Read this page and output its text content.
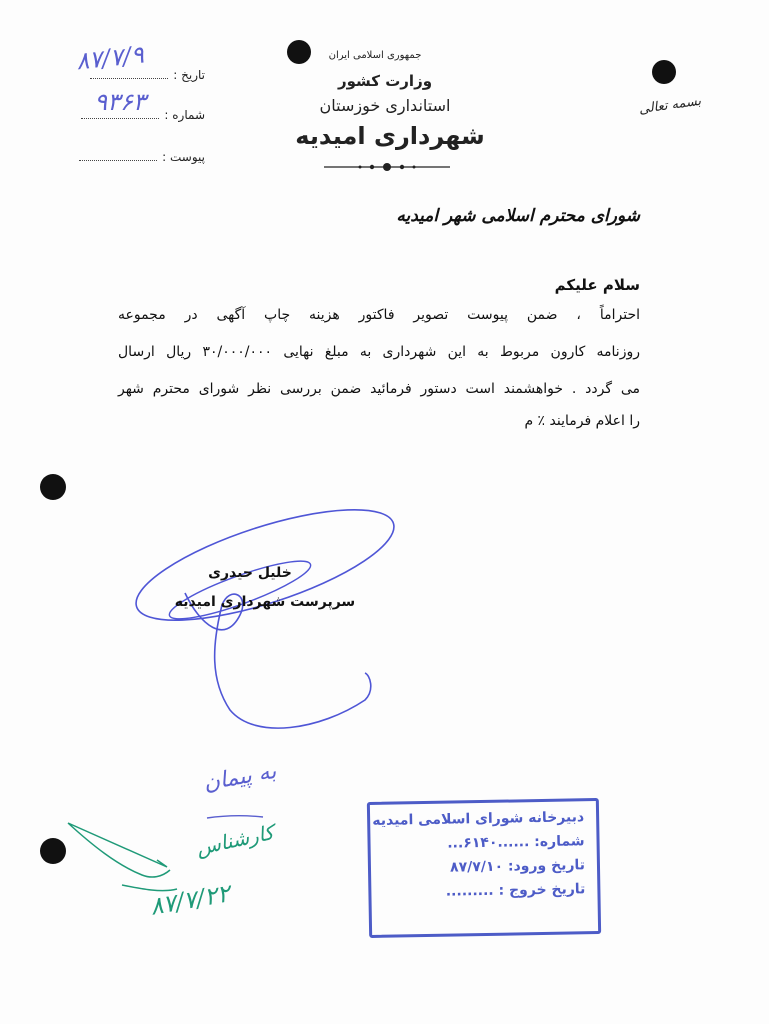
جمهوری اسلامی ایران
وزارت کشور
استانداری خوزستان
شهرداری امیدیه
بسمه تعالی
تاریخ :
شماره :
پیوست :
۸۷/۷/۹
۹۳۶۳
شورای محترم اسلامی شهر امیدیه
سلام علیکم
احتراماً ، ضمن پیوست تصویر فاکتور هزینه چاپ آگهی در مجموعه
روزنامه کارون مربوط به این شهرداری به مبلغ نهایی ۳۰/۰۰۰/۰۰۰ ریال ارسال
می گردد . خواهشمند است دستور فرمائید ضمن بررسی نظر شورای محترم شهر
را اعلام فرمایند ٪ م
خلیل حیدری
سرپرست شهرداری امیدیه
به پیمان
کارشناس
۸۷/۷/۲۲
دبیرخانه شورای اسلامی امیدیه
شماره: ......۶۱۴۰...
تاریخ ورود: ۸۷/۷/۱۰
تاریخ خروج : .........
